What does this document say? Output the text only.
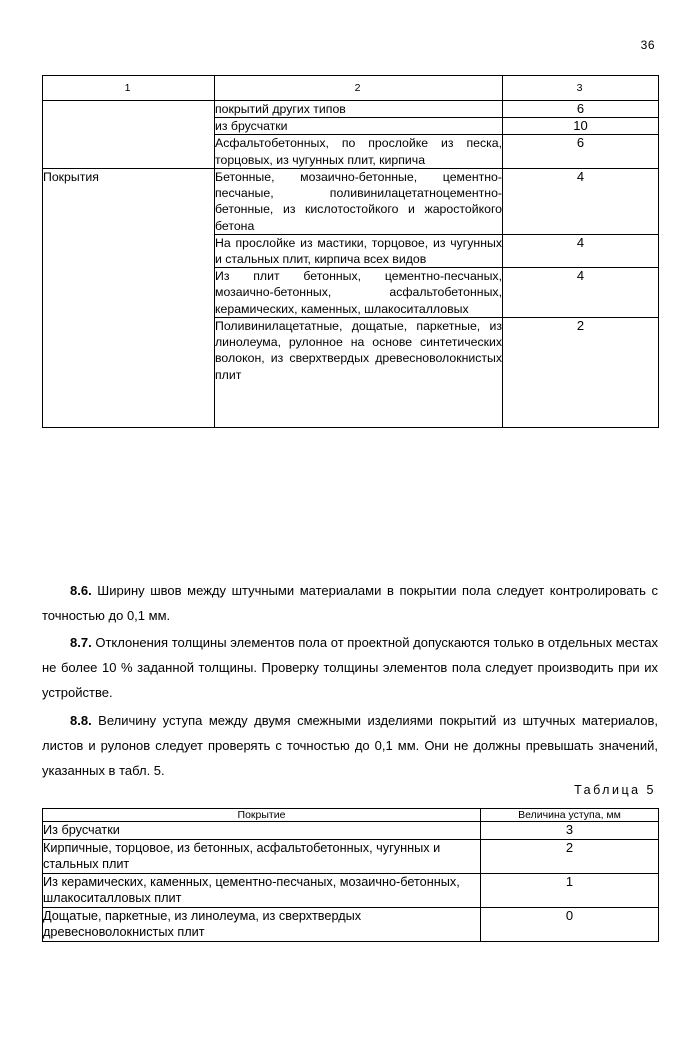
36
1	2	3
	покрытий других типов	6
	из брусчатки	10
	Асфальтобетонных, по прослойке из песка, торцовых, из чугунных плит, кирпича	6
Покрытия	Бетонные, мозаично-бетонные, цементно-песчаные, поливинилацетатноцементно-бетонные, из кислотостойкого и жаростойкого бетона	4
	На прослойке из мастики, торцовое, из чугунных и стальных плит, кирпича всех видов	4
	Из плит бетонных, цементно-песчаных, мозаично-бетонных, асфальтобетонных, керамических, каменных, шлакоситалловых	4
	Поливинилацетатные, дощатые, паркетные, из линолеума, рулонное на основе синтетических волокон, из сверхтвердых древесноволокнистых плит	2
8.6. Ширину швов между штучными материалами в покрытии пола следует контролировать с точностью до 0,1 мм.
8.7. Отклонения толщины элементов пола от проектной допускаются только в отдельных местах не более 10 % заданной толщины. Проверку толщины элементов пола следует производить при их устройстве.
8.8. Величину уступа между двумя смежными изделиями покрытий из штучных материалов, листов и рулонов следует проверять с точностью до 0,1 мм. Они не должны превышать значений, указанных в табл. 5.
Таблица 5
Покрытие	Величина уступа, мм
Из брусчатки	3
Кирпичные, торцовое, из бетонных, асфальтобетонных, чугунных и стальных плит	2
Из керамических, каменных, цементно-песчаных, мозаично-бетонных, шлакоситалловых плит	1
Дощатые, паркетные, из линолеума, из сверхтвердых древесноволокнистых плит	0
